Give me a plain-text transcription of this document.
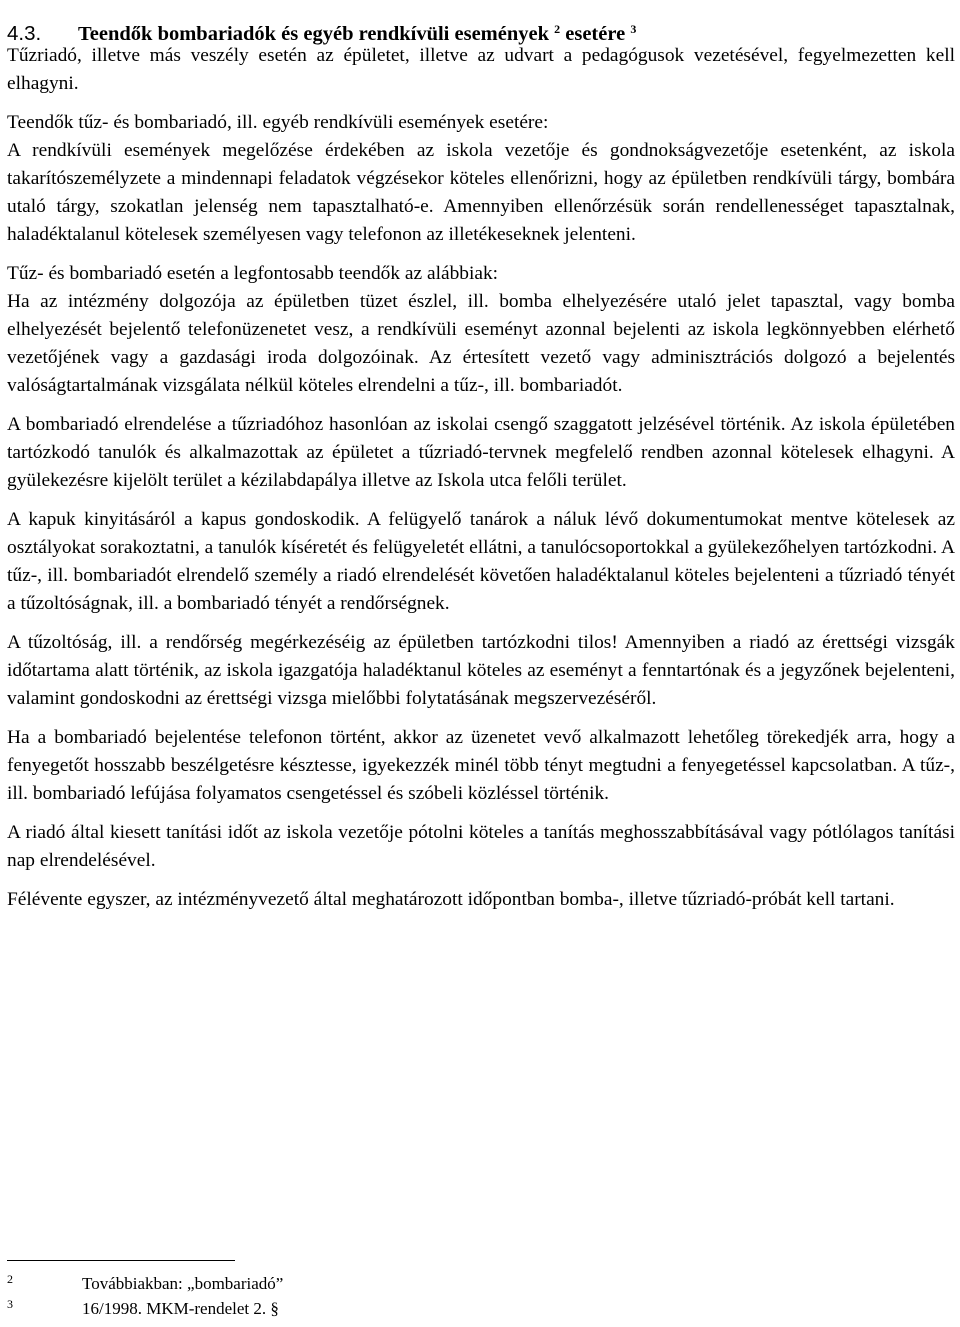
4.3. Teendők bombariadók és egyéb rendkívüli események $^2$ esetére $^3$

Tűzriadó, illetve más veszély esetén az épületet, illetve az udvart a pedagógusok vezetésével, fegyelmezetten kell elhagyni.

Teendők tűz- és bombariadó, ill. egyéb rendkívüli események esetére:

A rendkívüli események megelőzése érdekében az iskola vezetője és gondnokságvezetője esetenként, az iskola takarítószemélyzete a mindennapi feladatok végzésekor köteles ellenőrizni, hogy az épületben rendkívüli tárgy, bombára utaló tárgy, szokatlan jelenség nem tapasztalható-e. Amennyiben ellenőrzésük során rendellenességet tapasztalnak, haladéktalanul kötelesek személyesen vagy telefonon az illetékeseknek jelenteni.

Tűz- és bombariadó esetén a legfontosabb teendők az alábbiak:

Ha az intézmény dolgozója az épületben tüzet észlel, ill. bomba elhelyezésére utaló jelet tapasztal, vagy bomba elhelyezését bejelentő telefonüzenetet vesz, a rendkívüli eseményt azonnal bejelenti az iskola legkönnyebben elérhető vezetőjének vagy a gazdasági iroda dolgozóinak. Az értesített vezető vagy adminisztrációs dolgozó a bejelentés valóságtartalmának vizsgálata nélkül köteles elrendelni a tűz-, ill. bombariadót.

A bombariadó elrendelése a tűzriadóhoz hasonlóan az iskolai csengő szaggatott jelzésével történik. Az iskola épületében tartózkodó tanulók és alkalmazottak az épületet a tűzriadó-tervnek megfelelő rendben azonnal kötelesek elhagyni. A gyülekezésre kijelölt terület a kézilabdapálya illetve az Iskola utca felőli terület.

A kapuk kinyitásáról a kapus gondoskodik. A felügyelő tanárok a náluk lévő dokumentumokat mentve kötelesek az osztályokat sorakoztatni, a tanulók kíséretét és felügyeletét ellátni, a tanulócsoportokkal a gyülekezőhelyen tartózkodni. A tűz-, ill. bombariadót elrendelő személy a riadó elrendelését követően haladéktalanul köteles bejelenteni a tűzriadó tényét a tűzoltóságnak, ill. a bombariadó tényét a rendőrségnek.

A tűzoltóság, ill. a rendőrség megérkezéséig az épületben tartózkodni tilos! Amennyiben a riadó az érettségi vizsgák időtartama alatt történik, az iskola igazgatója haladéktanul köteles az eseményt a fenntartónak és a jegyzőnek bejelenteni, valamint gondoskodni az érettségi vizsga mielőbbi folytatásának megszervezéséről.

Ha a bombariadó bejelentése telefonon történt, akkor az üzenetet vevő alkalmazott lehetőleg törekedjék arra, hogy a fenyegetőt hosszabb beszélgetésre késztesse, igyekezzék minél több tényt megtudni a fenyegetéssel kapcsolatban. A tűz-, ill. bombariadó lefújása folyamatos csengetéssel és szóbeli közléssel történik.

A riadó által kiesett tanítási időt az iskola vezetője pótolni köteles a tanítás meghosszabbításával vagy pótlólagos tanítási nap elrendelésével.

Félévente egyszer, az intézményvezető által meghatározott időpontban bomba-, illetve tűzriadó-próbát kell tartani.

2	Továbbiakban: „bombariadó”
3	16/1998. MKM-rendelet 2. §
